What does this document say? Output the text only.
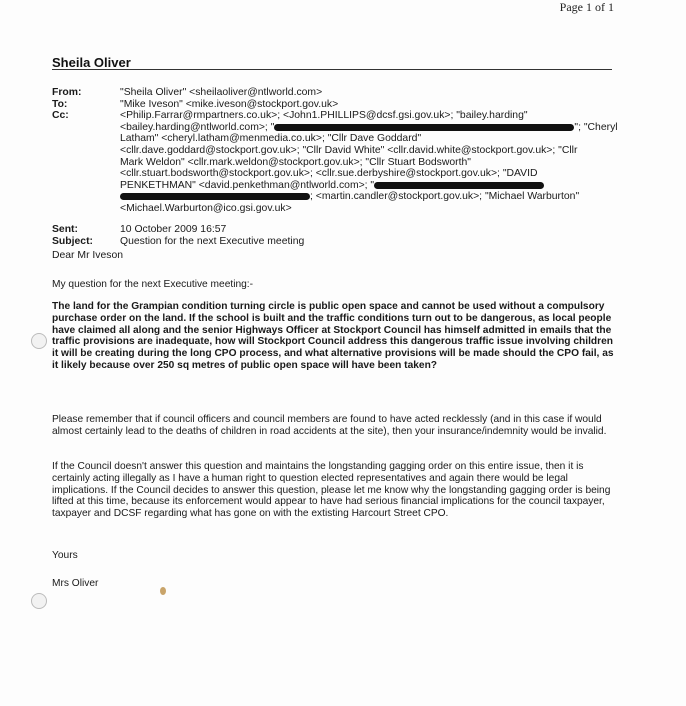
Page 1 of 1
Sheila Oliver
From:	"Sheila Oliver" <sheilaoliver@ntlworld.com>
To:	"Mike Iveson" <mike.iveson@stockport.gov.uk>
Cc:	<Philip.Farrar@rmpartners.co.uk>; <John1.PHILLIPS@dcsf.gsi.gov.uk>; "bailey.harding"
<bailey.harding@ntlworld.com>; "	"; "Cheryl
Latham" <cheryl.latham@menmedia.co.uk>; "Cllr Dave Goddard"
<cllr.dave.goddard@stockport.gov.uk>; "Cllr David White" <cllr.david.white@stockport.gov.uk>; "Cllr
Mark Weldon" <cllr.mark.weldon@stockport.gov.uk>; "Cllr Stuart Bodsworth"
<cllr.stuart.bodsworth@stockport.gov.uk>; <cllr.sue.derbyshire@stockport.gov.uk>; "DAVID
PENKETHMAN" <david.penkethman@ntlworld.com>; "
; <martin.candler@stockport.gov.uk>; "Michael Warburton"
<Michael.Warburton@ico.gsi.gov.uk>
Sent:	10 October 2009 16:57
Subject:	Question for the next Executive meeting
Dear Mr Iveson
My question for the next Executive meeting:-
The land for the Grampian condition turning circle is public open space and cannot be used without a compulsory purchase order on the land. If the school is built and the traffic conditions turn out to be dangerous, as local people have claimed all along and the senior Highways Officer at Stockport Council has himself admitted in emails that the traffic provisions are inadequate, how will Stockport Council address this dangerous traffic issue involving children it will be creating during the long CPO process, and what alternative provisions will be made should the CPO fail, as it likely because over 250 sq metres of public open space will have been taken?
Please remember that if council officers and council members are found to have acted recklessly (and in this case if would almost certainly lead to the deaths of children in road accidents at the site), then your insurance/indemnity would be invalid.
If the Council doesn't answer this question and maintains the longstanding gagging order on this entire issue, then it is certainly acting illegally as I have a human right to question elected representatives and again there would be legal implications. If the Council decides to answer this question, please let me know why the longstanding gagging order is being lifted at this time, because its enforcement would appear to have had serious financial implications for the council taxpayer, taxpayer and DCSF regarding what has gone on with the extisting Harcourt Street CPO.
Yours
Mrs Oliver
